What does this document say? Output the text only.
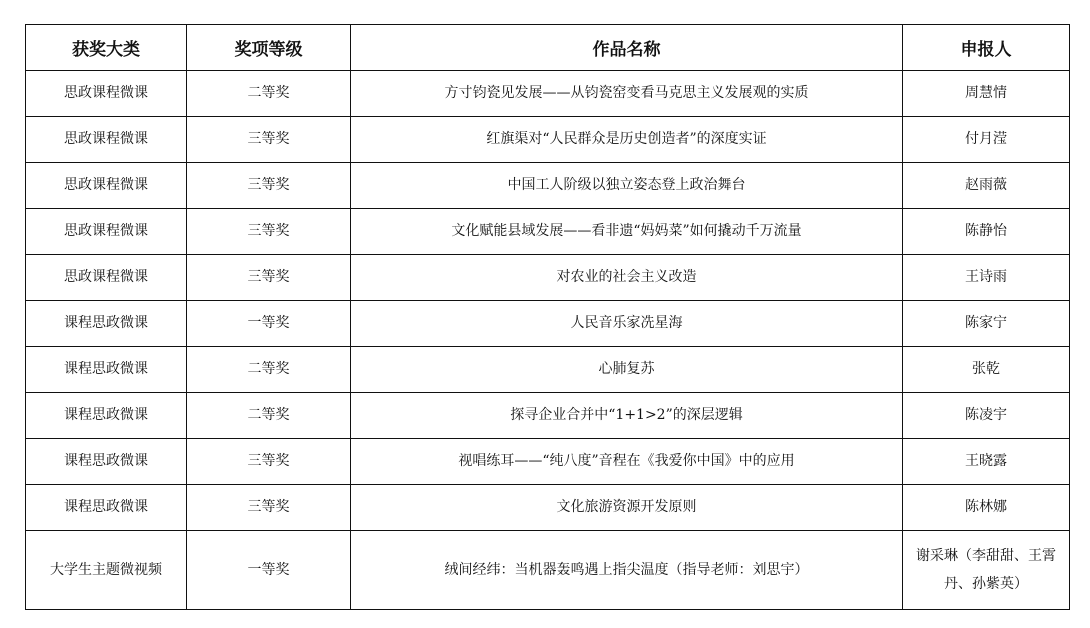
获奖大类	奖项等级	作品名称	申报人
思政课程微课	二等奖	方寸钧瓷见发展——从钧瓷窑变看马克思主义发展观的实质	周慧情
思政课程微课	三等奖	红旗渠对“人民群众是历史创造者”的深度实证	付月滢
思政课程微课	三等奖	中国工人阶级以独立姿态登上政治舞台	赵雨薇
思政课程微课	三等奖	文化赋能县域发展——看非遗“妈妈菜”如何撬动千万流量	陈静怡
思政课程微课	三等奖	对农业的社会主义改造	王诗雨
课程思政微课	一等奖	人民音乐家冼星海	陈家宁
课程思政微课	二等奖	心肺复苏	张乾
课程思政微课	二等奖	探寻企业合并中“1+1>2”的深层逻辑	陈凌宇
课程思政微课	三等奖	视唱练耳——“纯八度”音程在《我爱你中国》中的应用	王晓露
课程思政微课	三等奖	文化旅游资源开发原则	陈林娜
大学生主题微视频	一等奖	绒间经纬：当机器轰鸣遇上指尖温度（指导老师：刘思宇）	谢采琳（李甜甜、王霄丹、孙紫英）
